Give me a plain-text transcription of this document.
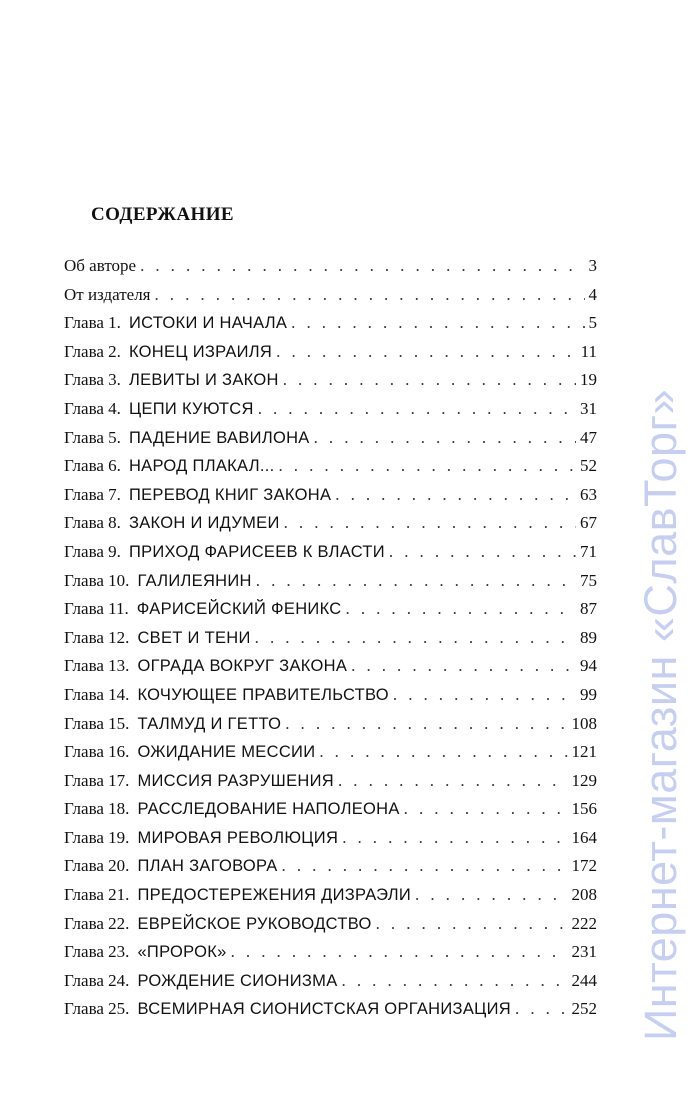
СОДЕРЖАНИЕ
Об авторе . . .	3
От издателя . . .	4
Глава 1. ИСТОКИ И НАЧАЛА . . .	5
Глава 2. КОНЕЦ ИЗРАИЛЯ . . .	11
Глава 3. ЛЕВИТЫ И ЗАКОН . . .	19
Глава 4. ЦЕПИ КУЮТСЯ . . .	31
Глава 5. ПАДЕНИЕ ВАВИЛОНА . . .	47
Глава 6. НАРОД ПЛАКАЛ... . . .	52
Глава 7. ПЕРЕВОД КНИГ ЗАКОНА . . .	63
Глава 8. ЗАКОН И ИДУМЕИ . . .	67
Глава 9. ПРИХОД ФАРИСЕЕВ К ВЛАСТИ . . .	71
Глава 10. ГАЛИЛЕЯНИН . . .	75
Глава 11. ФАРИСЕЙСКИЙ ФЕНИКС . . .	87
Глава 12. СВЕТ И ТЕНИ . . .	89
Глава 13. ОГРАДА ВОКРУГ ЗАКОНА . . .	94
Глава 14. КОЧУЮЩЕЕ ПРАВИТЕЛЬСТВО . . .	99
Глава 15. ТАЛМУД И ГЕТТО . . .	108
Глава 16. ОЖИДАНИЕ МЕССИИ . . .	121
Глава 17. МИССИЯ РАЗРУШЕНИЯ . . .	129
Глава 18. РАССЛЕДОВАНИЕ НАПОЛЕОНА . . .	156
Глава 19. МИРОВАЯ РЕВОЛЮЦИЯ . . .	164
Глава 20. ПЛАН ЗАГОВОРА . . .	172
Глава 21. ПРЕДОСТЕРЕЖЕНИЯ ДИЗРАЭЛИ . . .	208
Глава 22. ЕВРЕЙСКОЕ РУКОВОДСТВО . . .	222
Глава 23. «ПРОРОК» . . .	231
Глава 24. РОЖДЕНИЕ СИОНИЗМА . . .	244
Глава 25. ВСЕМИРНАЯ СИОНИСТСКАЯ ОРГАНИЗАЦИЯ . . .	252 Интернет-магазин «СлавТорг»
